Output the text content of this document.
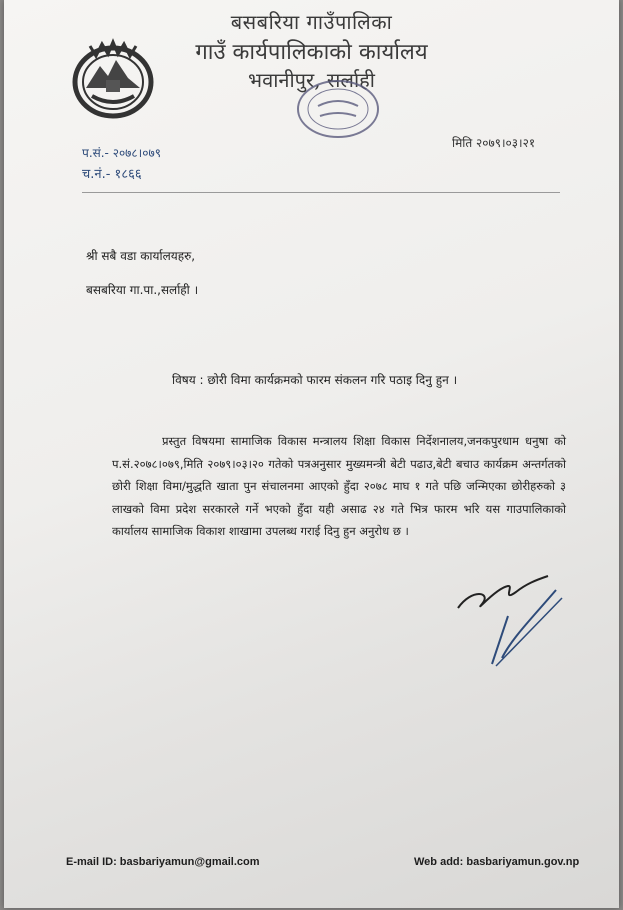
बसबरिया गाउँपालिका
गाउँ कार्यपालिकाको कार्यालय
भवानीपुर, सर्लाही
प.सं.- २०७८।०७९
च.नं.- १८६६
मिति २०७९।०३।२१
श्री सबै वडा कार्यालयहरु,
बसबरिया गा.पा.,सर्लाही ।
विषय : छोरी विमा कार्यक्रमको फारम संकलन गरि पठाइ दिनु हुन ।
प्रस्तुत विषयमा सामाजिक विकास मन्त्रालय शिक्षा विकास निर्देशनालय,जनकपुरधाम धनुषा को प.सं.२०७८।०७९,मिति २०७९।०३।२० गतेको पत्रअनुसार मुख्यमन्त्री बेटी पढाउ,बेटी बचाउ कार्यक्रम अन्तर्गतको छोरी शिक्षा विमा/मुद्धति खाता पुन संचालनमा आएको हुँदा २०७८ माघ १ गते पछि जन्मिएका छोरीहरुको ३ लाखको विमा प्रदेश सरकारले गर्ने भएको हुँदा यही असाढ २४ गते भित्र फारम भरि यस गाउपालिकाको कार्यालय सामाजिक विकाश शाखामा उपलब्ध गराई दिनु हुन अनुरोध छ ।
E-mail ID: basbariyamun@gmail.com	Web add: basbariyamun.gov.np
